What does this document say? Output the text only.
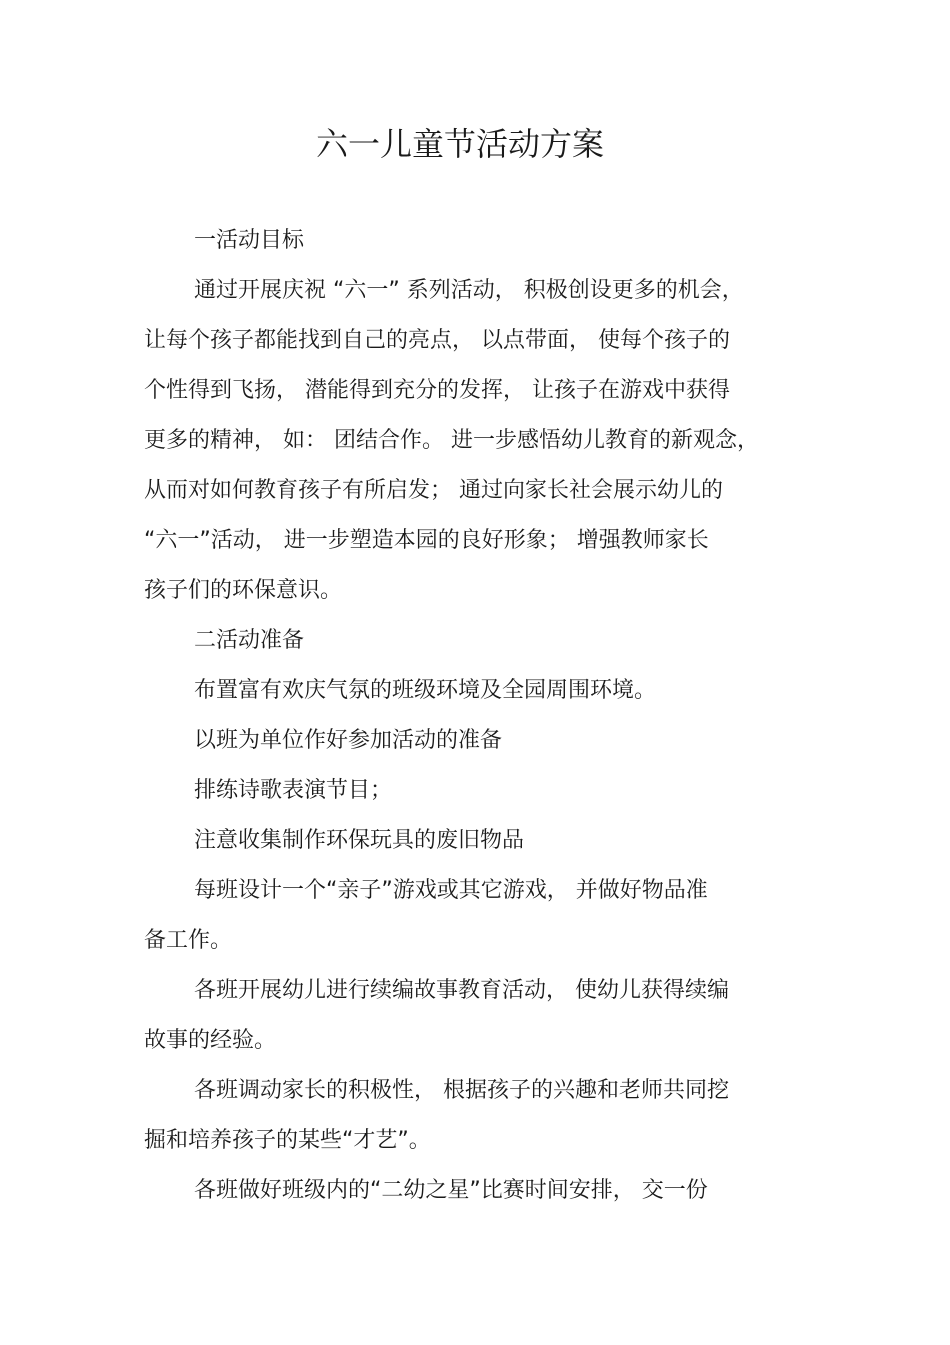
六一儿童节活动方案

一活动目标

通过开展庆祝 “六一” 系列活动， 积极创设更多的机会，

让每个孩子都能找到自己的亮点， 以点带面， 使每个孩子的

个性得到飞扬， 潜能得到充分的发挥， 让孩子在游戏中获得

更多的精神， 如： 团结合作。 进一步感悟幼儿教育的新观念，

从而对如何教育孩子有所启发； 通过向家长社会展示幼儿的

“六一”活动， 进一步塑造本园的良好形象； 增强教师家长

孩子们的环保意识。

二活动准备

布置富有欢庆气氛的班级环境及全园周围环境。

以班为单位作好参加活动的准备

排练诗歌表演节目；

注意收集制作环保玩具的废旧物品

每班设计一个“亲子”游戏或其它游戏， 并做好物品准

备工作。

各班开展幼儿进行续编故事教育活动， 使幼儿获得续编

故事的经验。

各班调动家长的积极性， 根据孩子的兴趣和老师共同挖

掘和培养孩子的某些“才艺”。

各班做好班级内的“二幼之星”比赛时间安排， 交一份
